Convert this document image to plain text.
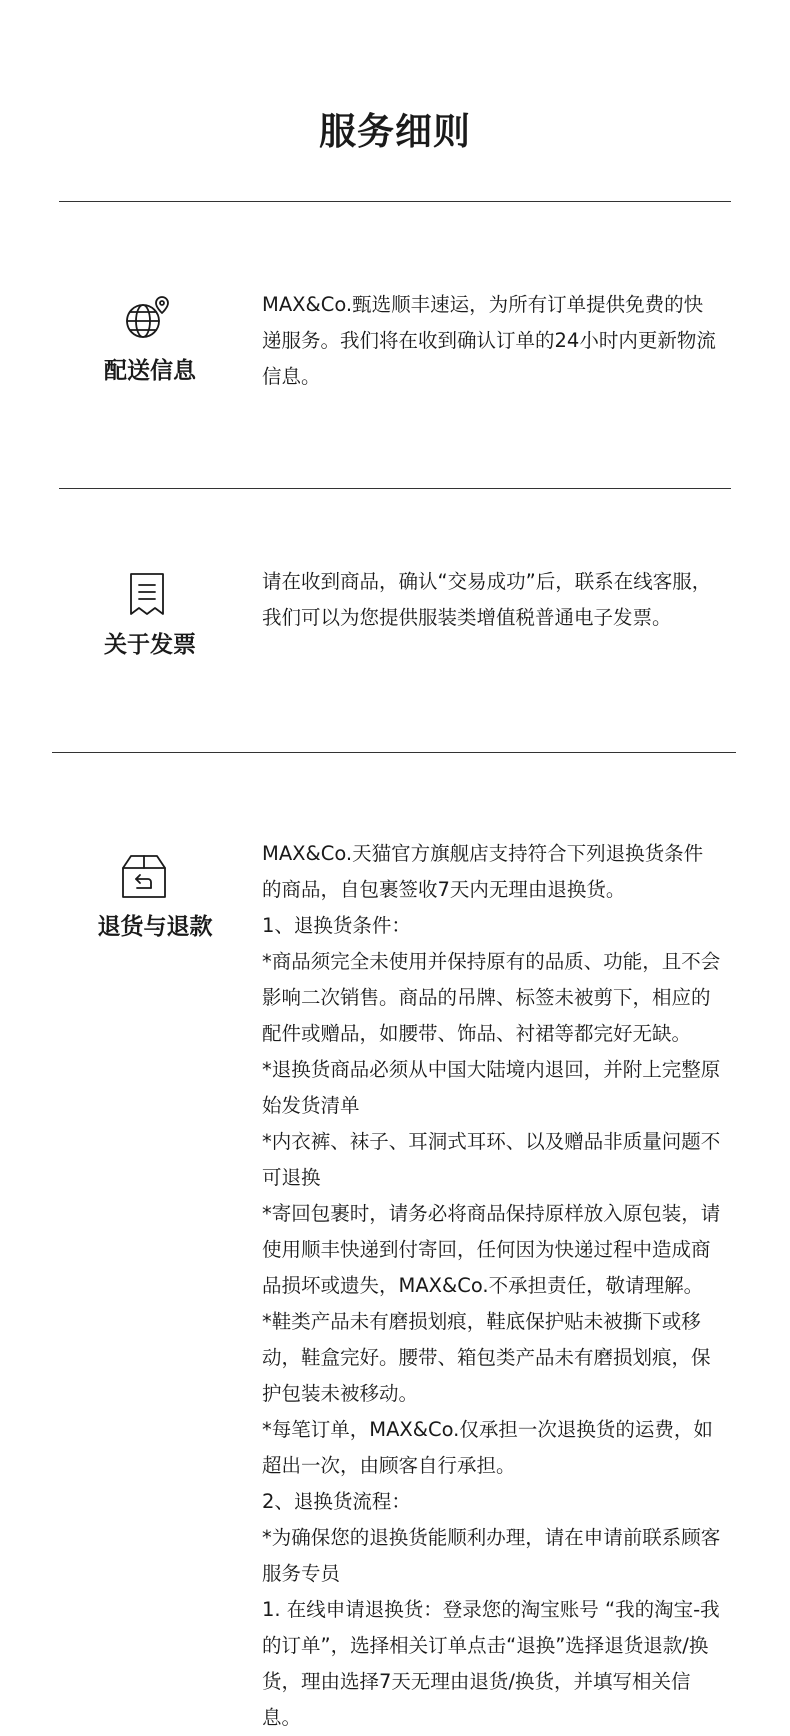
服务细则
配送信息

MAX&Co.甄选顺丰速运，为所有订单提供免费的快递服务。我们将在收到确认订单的24小时内更新物流信息。

关于发票

请在收到商品，确认“交易成功”后，联系在线客服，我们可以为您提供服装类增值税普通电子发票。

退货与退款

MAX&Co.天猫官方旗舰店支持符合下列退换货条件的商品，自包裹签收7天内无理由退换货。

1、退换货条件：

*商品须完全未使用并保持原有的品质、功能，且不会影响二次销售。商品的吊牌、标签未被剪下，相应的配件或赠品，如腰带、饰品、衬裙等都完好无缺。

*退换货商品必须从中国大陆境内退回，并附上完整原始发货清单

*内衣裤、袜子、耳洞式耳环、以及赠品非质量问题不可退换

*寄回包裹时，请务必将商品保持原样放入原包装，请使用顺丰快递到付寄回，任何因为快递过程中造成商品损坏或遗失，MAX&Co.不承担责任，敬请理解。

*鞋类产品未有磨损划痕，鞋底保护贴未被撕下或移动，鞋盒完好。腰带、箱包类产品未有磨损划痕，保护包装未被移动。

*每笔订单，MAX&Co.仅承担一次退换货的运费，如超出一次，由顾客自行承担。

2、退换货流程：

*为确保您的退换货能顺利办理，请在申请前联系顾客服务专员

1. 在线申请退换货：登录您的淘宝账号 “我的淘宝-我的订单”，选择相关订单点击“退换”选择退货退款/换货，理由选择7天无理由退货/换货，并填写相关信息。
